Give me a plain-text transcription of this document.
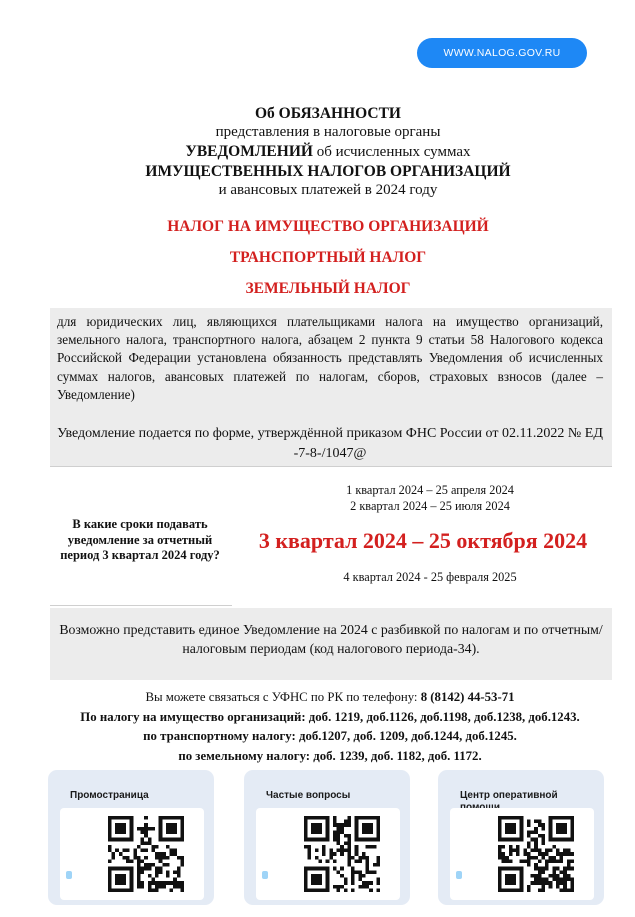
WWW.NALOG.GOV.RU
Об ОБЯЗАННОСТИ
представления в налоговые органы
УВЕДОМЛЕНИЙ об исчисленных суммах
ИМУЩЕСТВЕННЫХ НАЛОГОВ ОРГАНИЗАЦИЙ
и авансовых платежей в 2024 году
НАЛОГ НА ИМУЩЕСТВО ОРГАНИЗАЦИЙ
ТРАНСПОРТНЫЙ НАЛОГ
ЗЕМЕЛЬНЫЙ НАЛОГ
для юридических лиц, являющихся плательщиками налога на имущество организаций, земельного налога, транспортного налога, абзацем 2 пункта 9 статьи 58 Налогового кодекса Российской Федерации установлена обязанность представлять Уведомления об исчисленных суммах налогов, авансовых платежей по налогам, сборов, страховых взносов (далее – Уведомление)
Уведомление подается по форме, утверждённой приказом ФНС России от 02.11.2022 № ЕД -7-8-/1047@
В какие сроки подавать уведомление за отчетный период 3 квартал 2024 году?
1 квартал 2024 – 25 апреля 2024
2 квартал 2024 – 25 июля 2024
3 квартал 2024 – 25 октября 2024
4 квартал 2024 - 25 февраля 2025
Возможно представить единое Уведомление на 2024 с разбивкой по налогам и по отчетным/налоговым периодам (код налогового периода-34).
Вы можете связаться с УФНС по РК по телефону: 8 (8142) 44-53-71
По налогу на имущество организаций: доб. 1219, доб.1126, доб.1198, доб.1238, доб.1243.
по транспортному налогу: доб.1207, доб. 1209, доб.1244, доб.1245.
по земельному налогу: доб. 1239, доб. 1182, доб. 1172.
Промостраница	Частые вопросы	Центр оперативной
